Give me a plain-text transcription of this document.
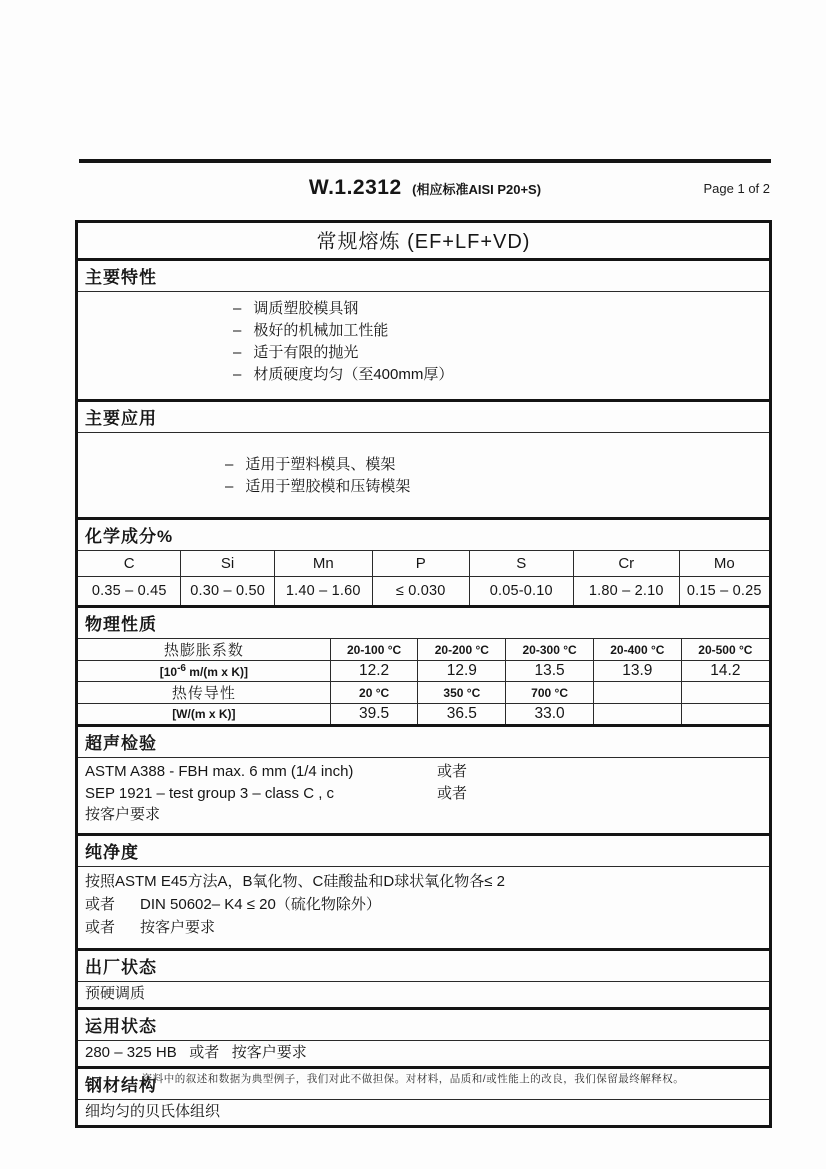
W.1.2312 (相应标准AISI P20+S)	Page 1 of 2
常规熔炼 (EF+LF+VD)
主要特性
– 调质塑胶模具钢
– 极好的机械加工性能
– 适于有限的抛光
– 材质硬度均匀（至400mm厚）
主要应用
– 适用于塑料模具、模架
– 适用于塑胶模和压铸模架
化学成分%
C	Si	Mn	P	S	Cr	Mo
0.35 – 0.45	0.30 – 0.50	1.40 – 1.60	≤ 0.030	0.05-0.10	1.80 – 2.10	0.15 – 0.25
物理性质
热膨胀系数	20-100 °C	20-200 °C	20-300 °C	20-400 °C	20-500 °C
[$10^{-6}$ m/(m x K)]	12.2	12.9	13.5	13.9	14.2
热传导性	20 °C	350 °C	700 °C		
[W/(m x K)]	39.5	36.5	33.0		
超声检验
ASTM A388 - FBH max. 6 mm (1/4 inch)	或者
SEP 1921 – test group 3 – class C , c	或者
按客户要求
纯净度
按照ASTM E45方法A，B氧化物、C硅酸盐和D球状氧化物各≤ 2
或者      DIN 50602– K4 ≤ 20（硫化物除外）
或者      按客户要求
出厂状态
预硬调质
运用状态
280 – 325 HB   或者   按客户要求
钢材结构
细均匀的贝氏体组织
资料中的叙述和数据为典型例子，我们对此不做担保。对材料，品质和/或性能上的改良，我们保留最终解释权。
